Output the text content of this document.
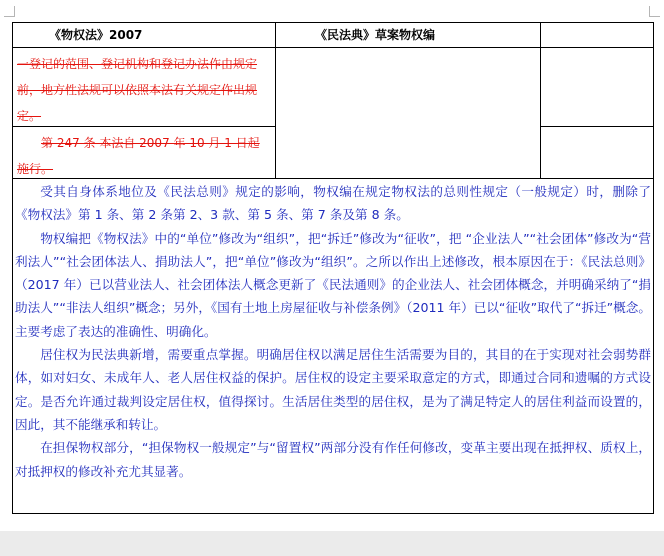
《物权法》2007	《民法典》草案物权编

一登记的范围、登记机构和登记办法作由规定前，地方性法规可以依照本法有关规定作出规定。

第 247 条 本法自 2007 年 10 月 1 日起施行。

受其自身体系地位及《民法总则》规定的影响，物权编在规定物权法的总则性规定（一般规定）时，删除了《物权法》第 1 条、第 2 条第 2、3 款、第 5 条、第 7 条及第 8 条。

物权编把《物权法》中的“单位”修改为“组织”，把“拆迁”修改为“征收”，把 “企业法人”“社会团体”修改为“营利法人”“社会团体法人、捐助法人”，把“单位”修改为“组织”。之所以作出上述修改，根本原因在于：《民法总则》（2017 年）已以营业法人、社会团体法人概念更新了《民法通则》的企业法人、社会团体概念，并明确采纳了“捐助法人”“非法人组织”概念；另外，《国有土地上房屋征收与补偿条例》（2011 年）已以“征收”取代了“拆迁”概念。主要考虑了表达的准确性、明确化。

居住权为民法典新增，需要重点掌握。明确居住权以满足居住生活需要为目的，其目的在于实现对社会弱势群体，如对妇女、未成年人、老人居住权益的保护。居住权的设定主要采取意定的方式，即通过合同和遗嘱的方式设定。是否允许通过裁判设定居住权，值得探讨。生活居住类型的居住权，是为了满足特定人的居住利益而设置的，因此，其不能继承和转让。

在担保物权部分，“担保物权一般规定”与“留置权”两部分没有作任何修改，变革主要出现在抵押权、质权上，对抵押权的修改补充尤其显著。
